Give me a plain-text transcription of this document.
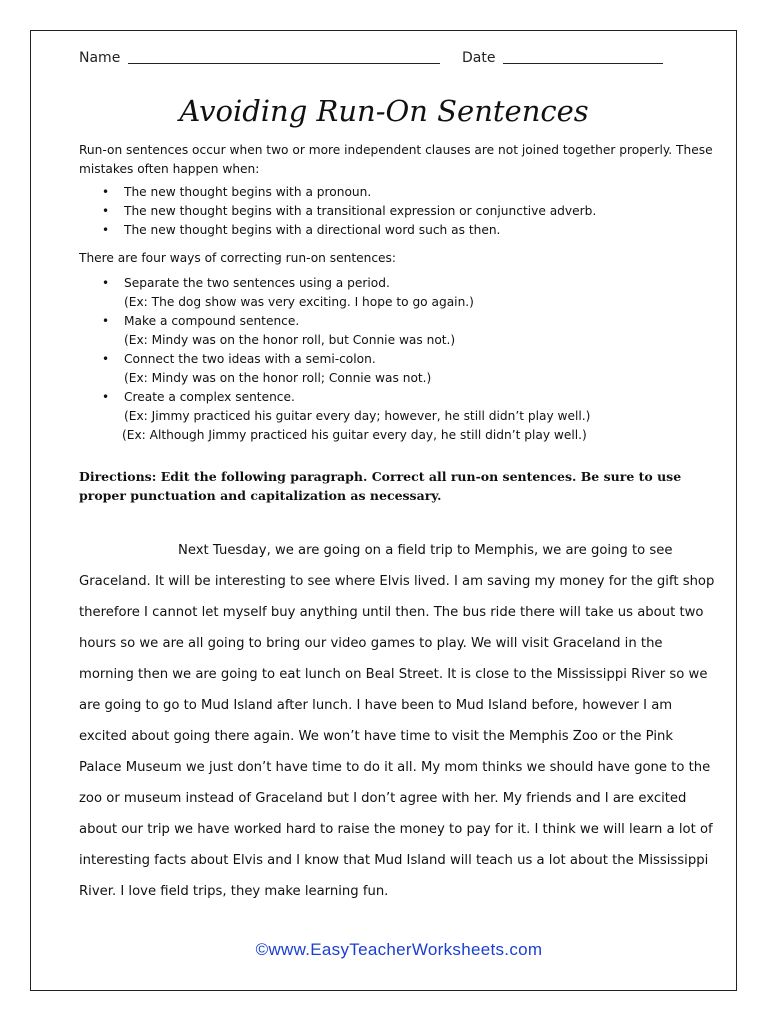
Name	Date
Avoiding Run-On Sentences
Run-on sentences occur when two or more independent clauses are not joined together properly. These
mistakes often happen when:
• The new thought begins with a pronoun.
• The new thought begins with a transitional expression or conjunctive adverb.
• The new thought begins with a directional word such as then.
There are four ways of correcting run-on sentences:
• Separate the two sentences using a period.
(Ex: The dog show was very exciting. I hope to go again.)
• Make a compound sentence.
(Ex: Mindy was on the honor roll, but Connie was not.)
• Connect the two ideas with a semi-colon.
(Ex: Mindy was on the honor roll; Connie was not.)
• Create a complex sentence.
(Ex: Jimmy practiced his guitar every day; however, he still didn’t play well.)
(Ex: Although Jimmy practiced his guitar every day, he still didn’t play well.)
Directions: Edit the following paragraph. Correct all run-on sentences. Be sure to use
proper punctuation and capitalization as necessary.
Next Tuesday, we are going on a field trip to Memphis, we are going to see
Graceland. It will be interesting to see where Elvis lived. I am saving my money for the gift shop
therefore I cannot let myself buy anything until then. The bus ride there will take us about two
hours so we are all going to bring our video games to play. We will visit Graceland in the
morning then we are going to eat lunch on Beal Street. It is close to the Mississippi River so we
are going to go to Mud Island after lunch. I have been to Mud Island before, however I am
excited about going there again. We won’t have time to visit the Memphis Zoo or the Pink
Palace Museum we just don’t have time to do it all. My mom thinks we should have gone to the
zoo or museum instead of Graceland but I don’t agree with her. My friends and I are excited
about our trip we have worked hard to raise the money to pay for it. I think we will learn a lot of
interesting facts about Elvis and I know that Mud Island will teach us a lot about the Mississippi
River. I love field trips, they make learning fun.
©www.EasyTeacherWorksheets.com
